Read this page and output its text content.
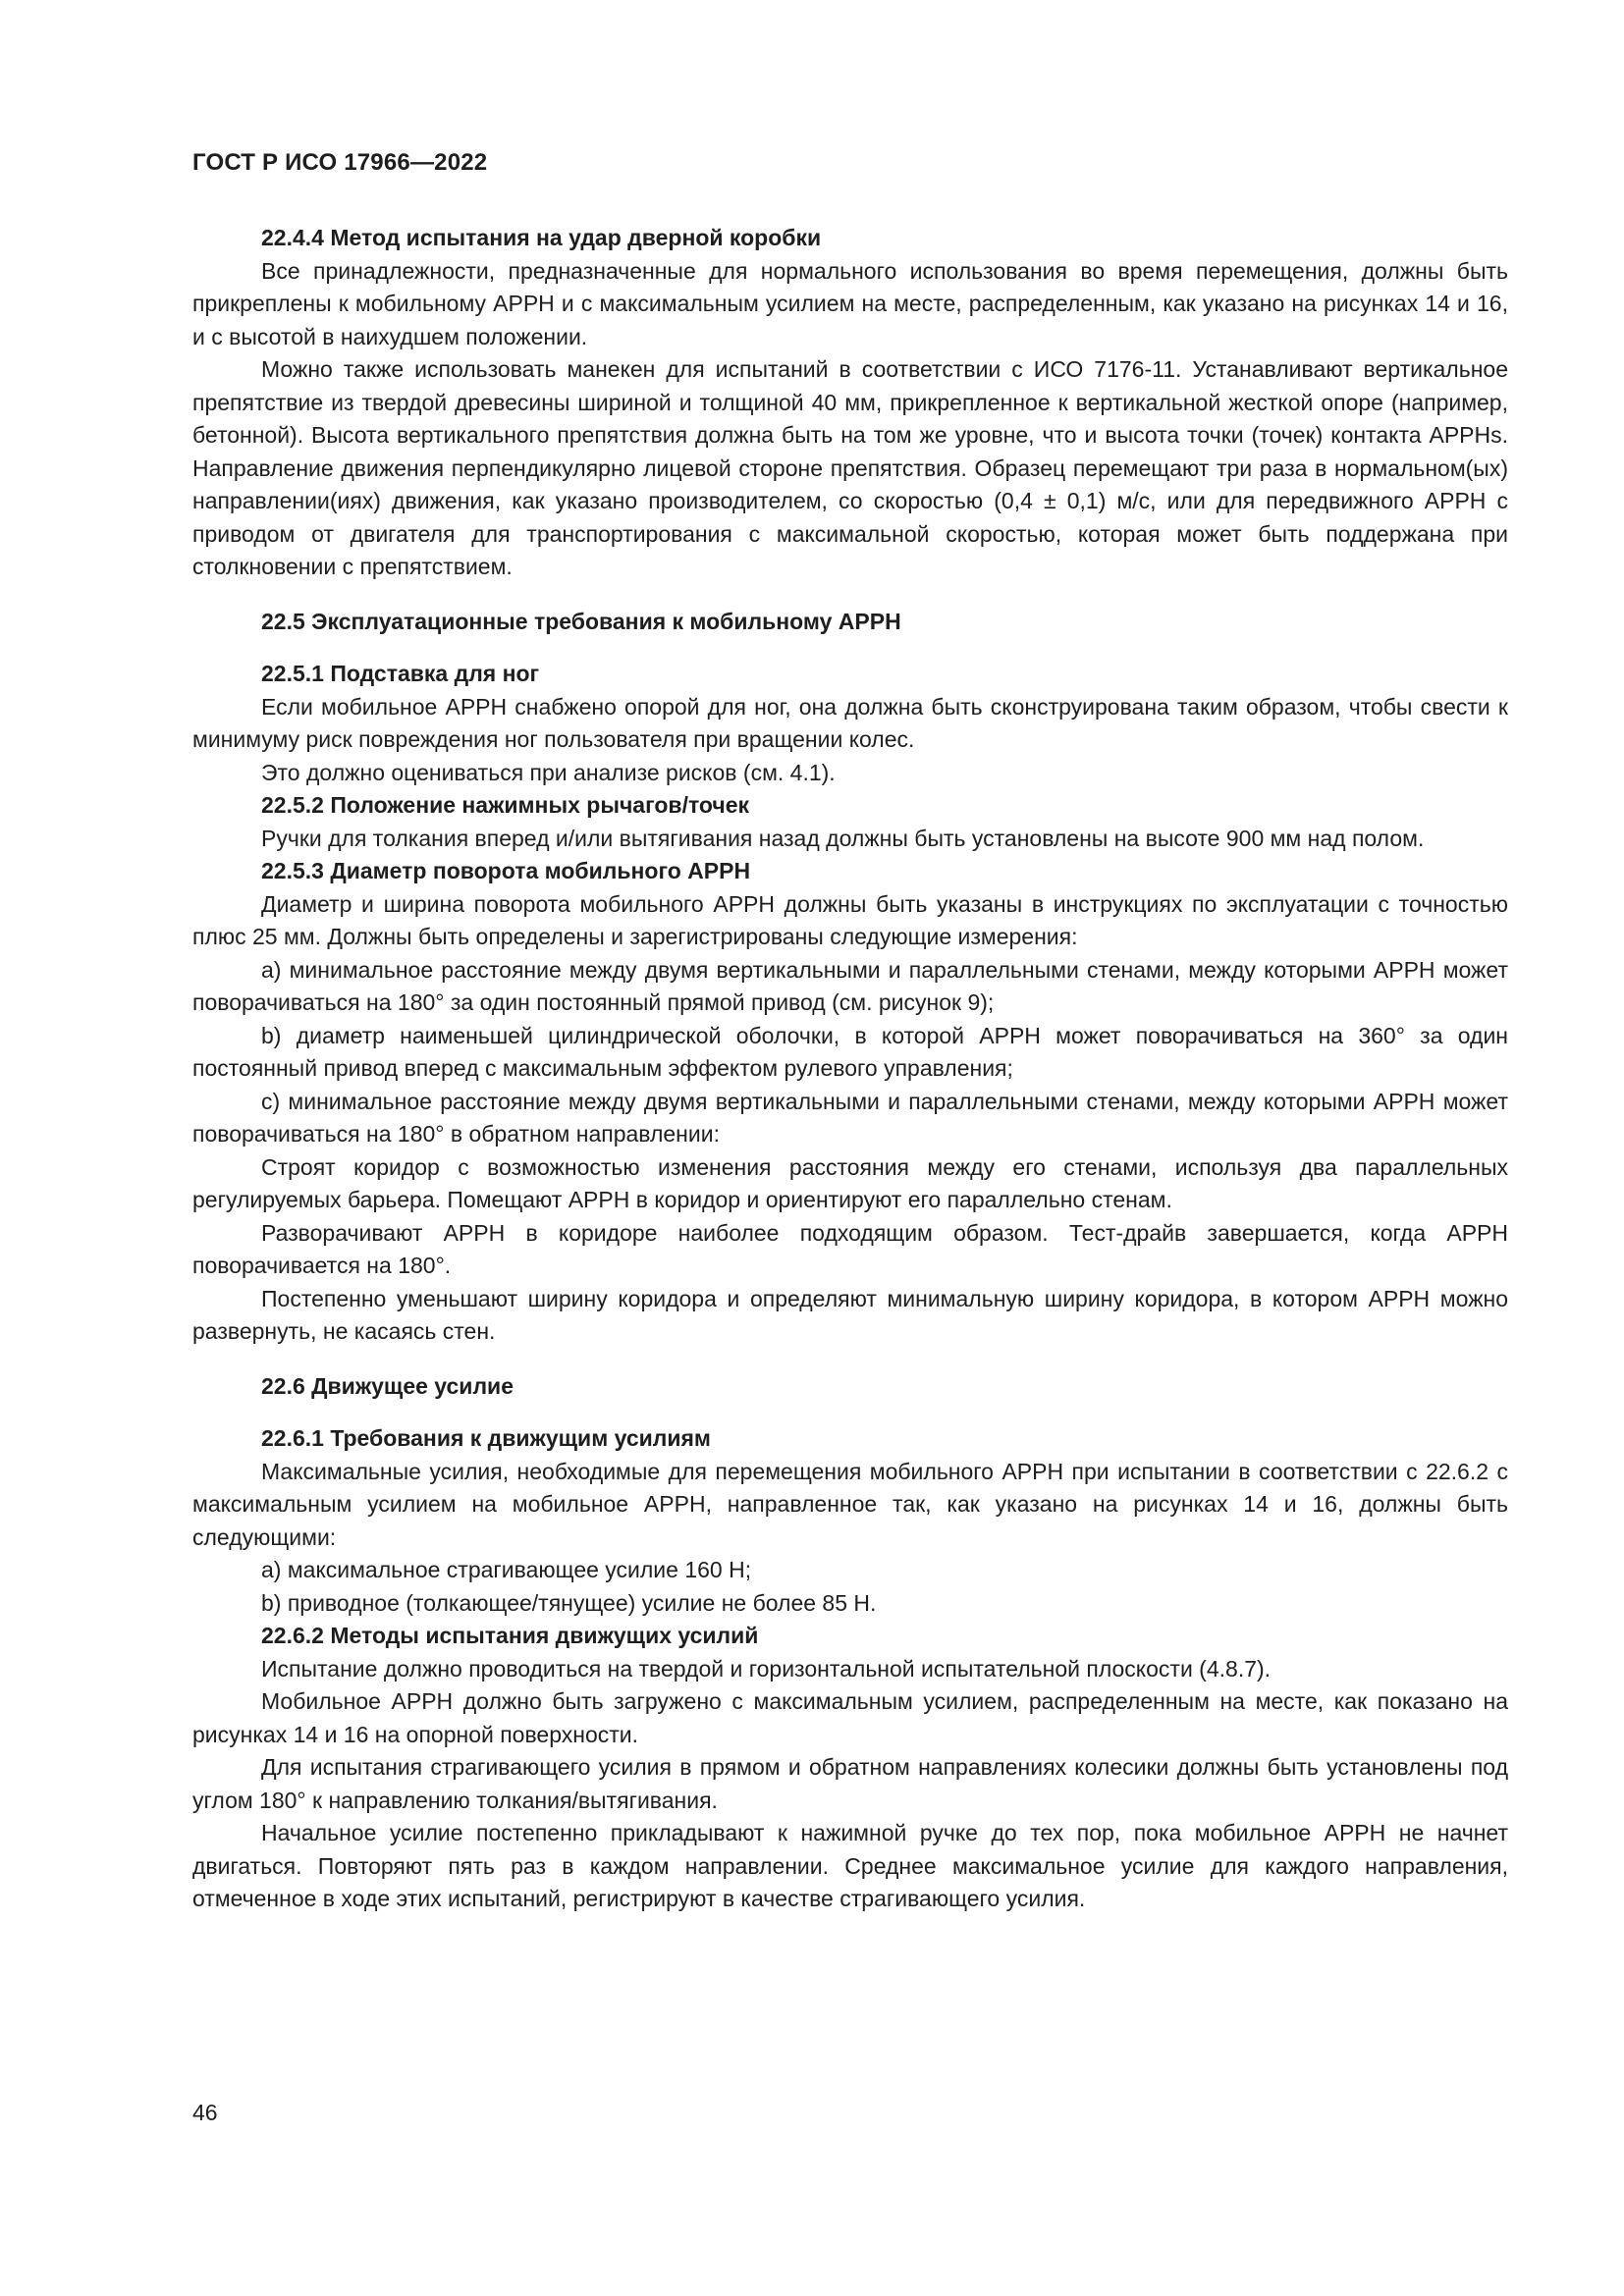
ГОСТ Р ИСО 17966—2022
22.4.4 Метод испытания на удар дверной коробки

Все принадлежности, предназначенные для нормального использования во время перемещения, должны быть прикреплены к мобильному АРРН и с максимальным усилием на месте, распределенным, как указано на рисунках 14 и 16, и с высотой в наихудшем положении.

Можно также использовать манекен для испытаний в соответствии с ИСО 7176-11. Устанавливают вертикальное препятствие из твердой древесины шириной и толщиной 40 мм, прикрепленное к вертикальной жесткой опоре (например, бетонной). Высота вертикального препятствия должна быть на том же уровне, что и высота точки (точек) контакта АРРНs. Направление движения перпендикулярно лицевой стороне препятствия. Образец перемещают три раза в нормальном(ых) направлении(иях) движения, как указано производителем, со скоростью (0,4 ± 0,1) м/с, или для передвижного АРРН с приводом от двигателя для транспортирования с максимальной скоростью, которая может быть поддержана при столкновении с препятствием.

22.5 Эксплуатационные требования к мобильному АРРН
22.5.1 Подставка для ног

Если мобильное АРРН снабжено опорой для ног, она должна быть сконструирована таким образом, чтобы свести к минимуму риск повреждения ног пользователя при вращении колес.

Это должно оцениваться при анализе рисков (см. 4.1).

22.5.2 Положение нажимных рычагов/точек

Ручки для толкания вперед и/или вытягивания назад должны быть установлены на высоте 900 мм над полом.

22.5.3 Диаметр поворота мобильного АРРН

Диаметр и ширина поворота мобильного АРРН должны быть указаны в инструкциях по эксплуатации с точностью плюс 25 мм. Должны быть определены и зарегистрированы следующие измерения:

а) минимальное расстояние между двумя вертикальными и параллельными стенами, между которыми АРРН может поворачиваться на 180° за один постоянный прямой привод (см. рисунок 9);

b) диаметр наименьшей цилиндрической оболочки, в которой АРРН может поворачиваться на 360° за один постоянный привод вперед с максимальным эффектом рулевого управления;

с) минимальное расстояние между двумя вертикальными и параллельными стенами, между которыми АРРН может поворачиваться на 180° в обратном направлении:

Строят коридор с возможностью изменения расстояния между его стенами, используя два параллельных регулируемых барьера. Помещают АРРН в коридор и ориентируют его параллельно стенам.

Разворачивают АРРН в коридоре наиболее подходящим образом. Тест-драйв завершается, когда АРРН поворачивается на 180°.

Постепенно уменьшают ширину коридора и определяют минимальную ширину коридора, в котором АРРН можно развернуть, не касаясь стен.

22.6 Движущее усилие
22.6.1 Требования к движущим усилиям

Максимальные усилия, необходимые для перемещения мобильного АРРН при испытании в соответствии с 22.6.2 с максимальным усилием на мобильное АРРН, направленное так, как указано на рисунках 14 и 16, должны быть следующими:

а) максимальное страгивающее усилие 160 Н;

b) приводное (толкающее/тянущее) усилие не более 85 Н.

22.6.2 Методы испытания движущих усилий

Испытание должно проводиться на твердой и горизонтальной испытательной плоскости (4.8.7).

Мобильное АРРН должно быть загружено с максимальным усилием, распределенным на месте, как показано на рисунках 14 и 16 на опорной поверхности.

Для испытания страгивающего усилия в прямом и обратном направлениях колесики должны быть установлены под углом 180° к направлению толкания/вытягивания.

Начальное усилие постепенно прикладывают к нажимной ручке до тех пор, пока мобильное АРРН не начнет двигаться. Повторяют пять раз в каждом направлении. Среднее максимальное усилие для каждого направления, отмеченное в ходе этих испытаний, регистрируют в качестве страгивающего усилия.

46
